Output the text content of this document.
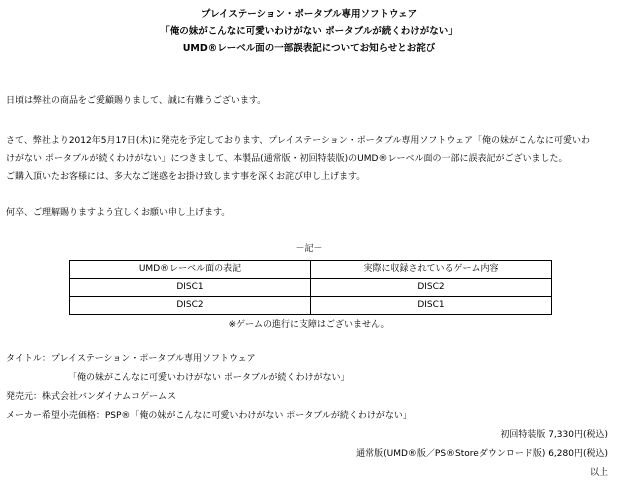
プレイステーション・ポータブル専用ソフトウェア
「俺の妹がこんなに可愛いわけがない ポータブルが続くわけがない」
UMD®レーベル面の一部誤表記についてお知らせとお詫び
日頃は弊社の商品をご愛顧賜りまして、誠に有難うございます。
さて、弊社より2012年5月17日(木)に発売を予定しております、プレイステーション・ポータブル専用ソフトウェア「俺の妹がこんなに可愛いわ
けがない ポータブルが続くわけがない」につきまして、本製品(通常版・初回特装版)のUMD®レーベル面の一部に誤表記がございました。
ご購入頂いたお客様には、多大なご迷惑をお掛け致します事を深くお詫び申し上げます。
何卒、ご理解賜りますよう宜しくお願い申し上げます。
－記－
UMD®レーベル面の表記	実際に収録されているゲーム内容
DISC1	DISC2
DISC2	DISC1
※ゲームの進行に支障はございません。
タイトル：プレイステーション・ポータブル専用ソフトウェア
「俺の妹がこんなに可愛いわけがない ポータブルが続くわけがない」
発売元：株式会社バンダイナムコゲームス
メーカー希望小売価格：PSP®「俺の妹がこんなに可愛いわけがない ポータブルが続くわけがない」
初回特装版 7,330円(税込)
通常版(UMD®版／PS®Storeダウンロード版) 6,280円(税込)
以上
